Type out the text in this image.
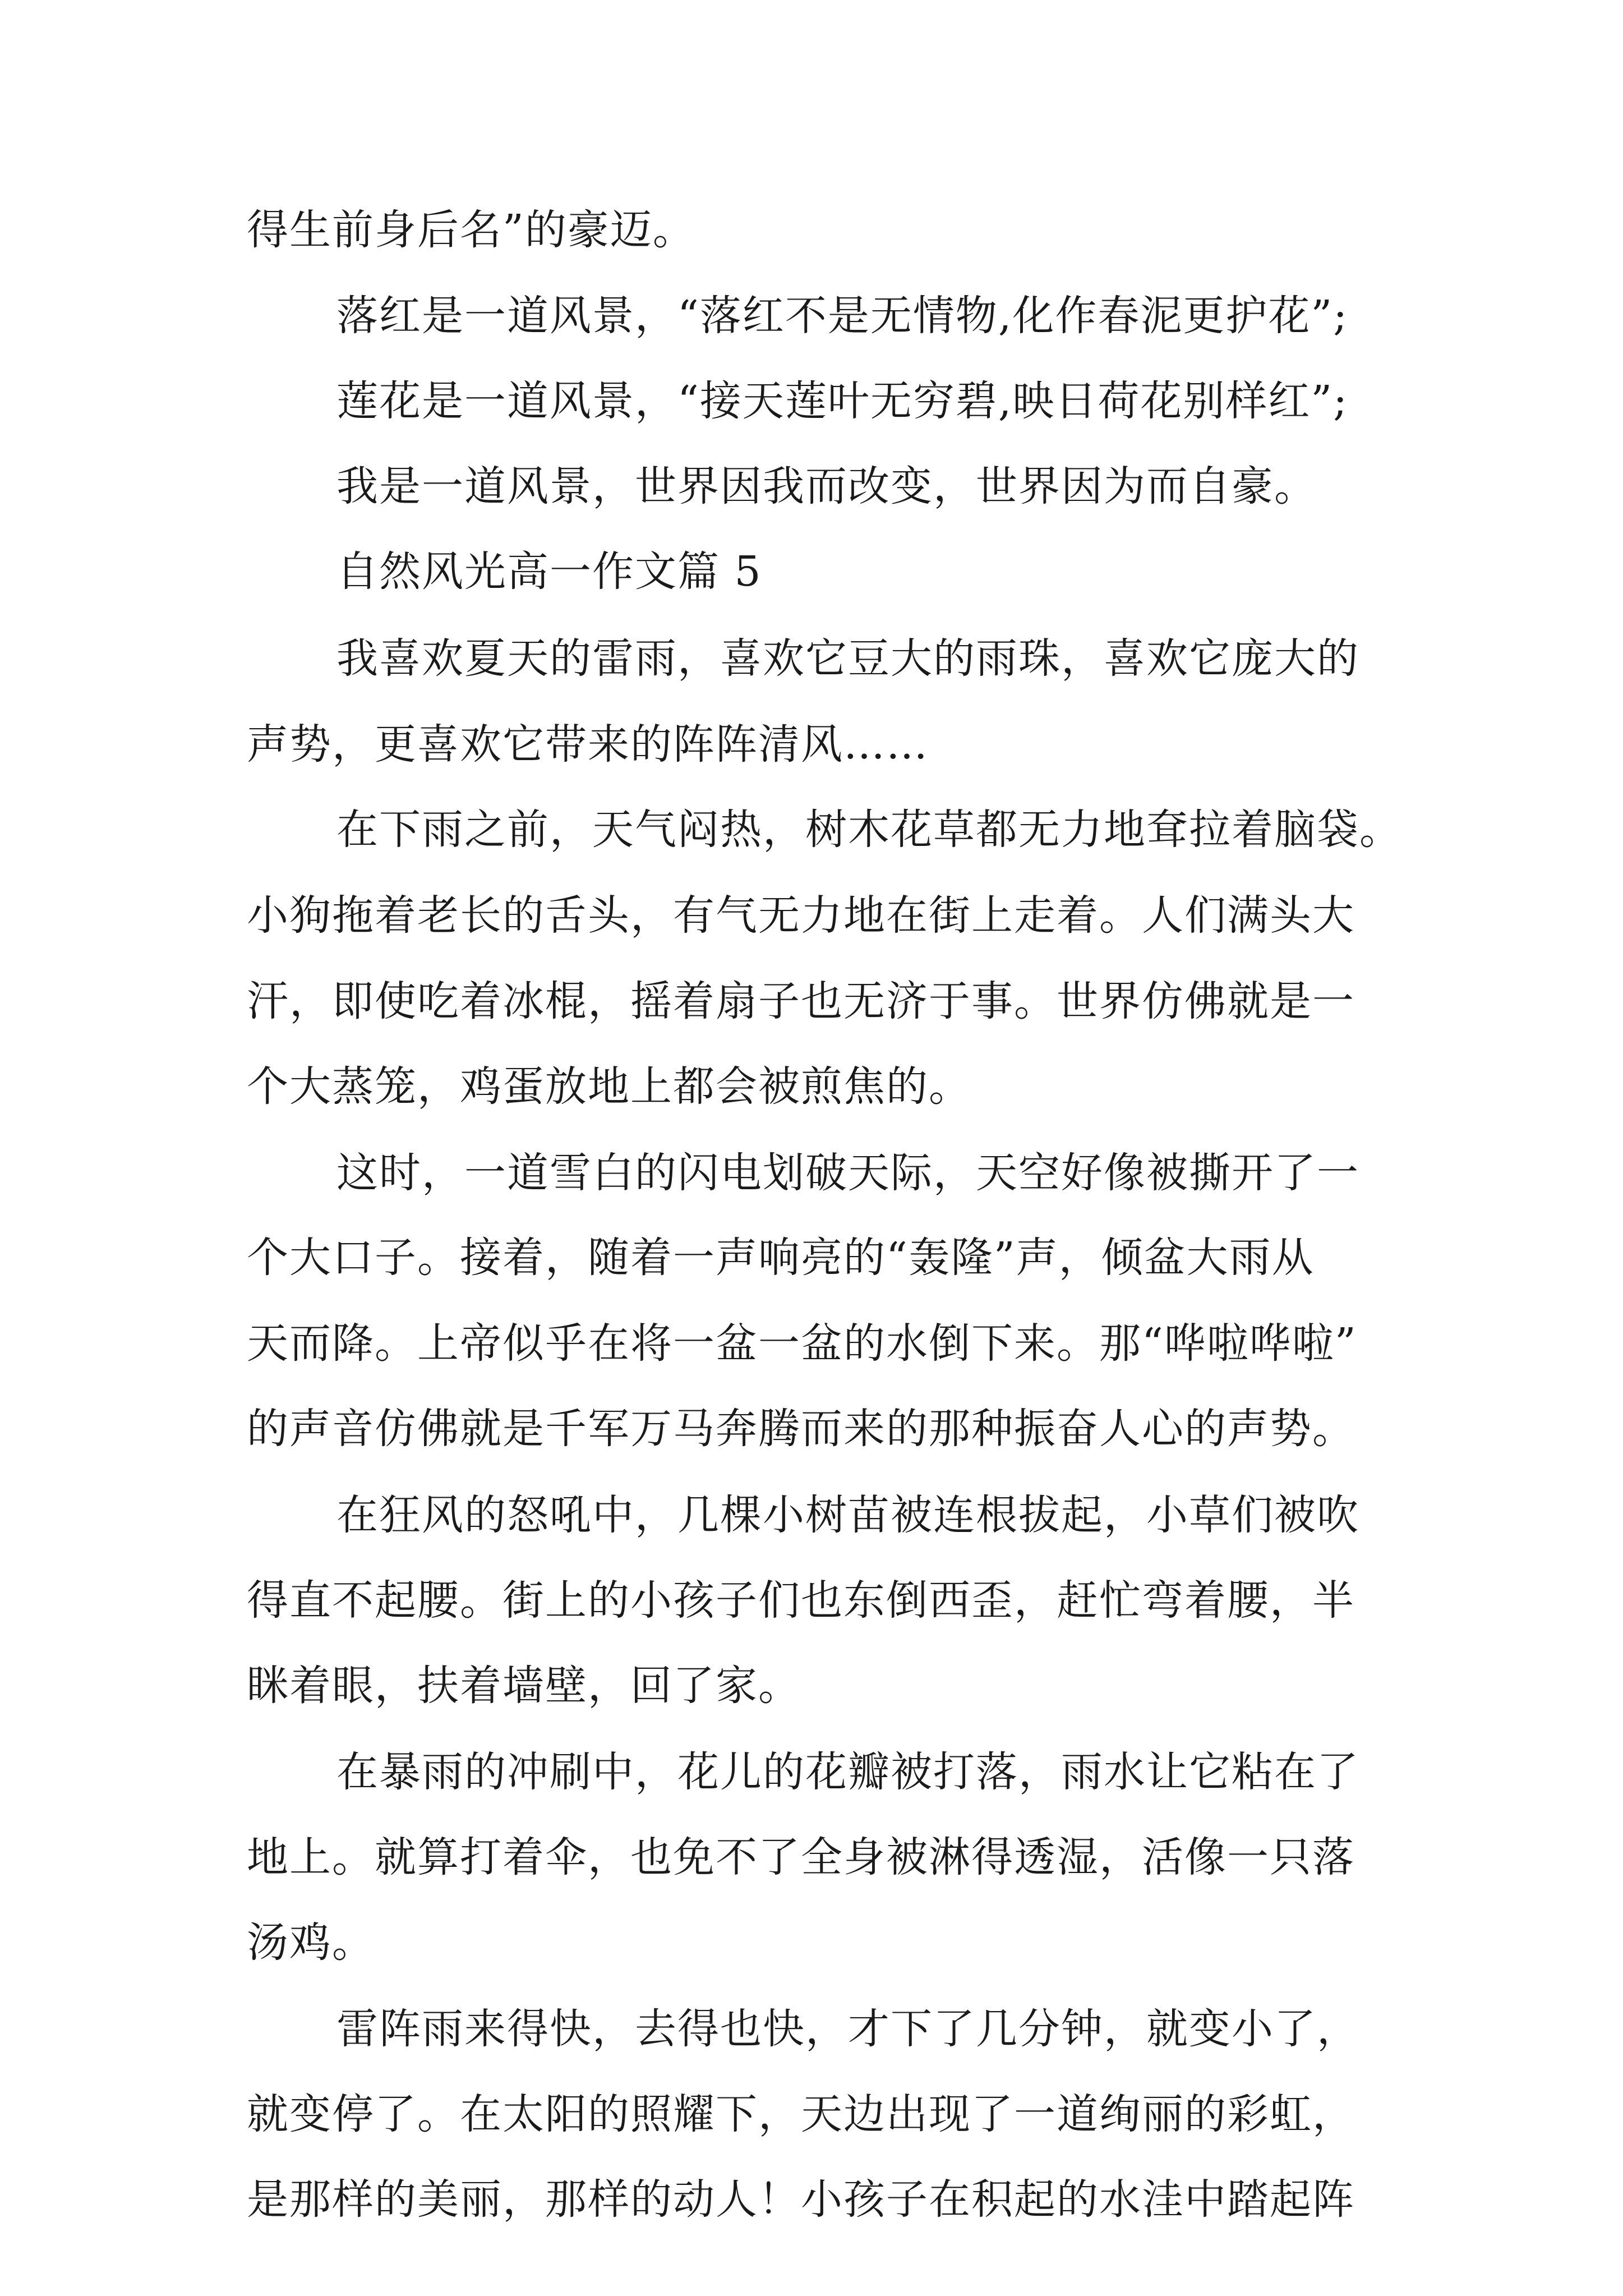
得生前身后名”的豪迈。
落红是一道风景，“落红不是无情物,化作春泥更护花”;
莲花是一道风景，“接天莲叶无穷碧,映日荷花别样红”;
我是一道风景，世界因我而改变，世界因为而自豪。
自然风光高一作文篇 5
我喜欢夏天的雷雨，喜欢它豆大的雨珠，喜欢它庞大的
声势，更喜欢它带来的阵阵清风……
在下雨之前，天气闷热，树木花草都无力地耷拉着脑袋。
小狗拖着老长的舌头，有气无力地在街上走着。人们满头大
汗，即使吃着冰棍，摇着扇子也无济于事。世界仿佛就是一
个大蒸笼，鸡蛋放地上都会被煎焦的。
这时，一道雪白的闪电划破天际，天空好像被撕开了一
个大口子。接着，随着一声响亮的“轰隆”声，倾盆大雨从
天而降。上帝似乎在将一盆一盆的水倒下来。那“哗啦哗啦”
的声音仿佛就是千军万马奔腾而来的那种振奋人心的声势。
在狂风的怒吼中，几棵小树苗被连根拔起，小草们被吹
得直不起腰。街上的小孩子们也东倒西歪，赶忙弯着腰，半
眯着眼，扶着墙壁，回了家。
在暴雨的冲刷中，花儿的花瓣被打落，雨水让它粘在了
地上。就算打着伞，也免不了全身被淋得透湿，活像一只落
汤鸡。
雷阵雨来得快，去得也快，才下了几分钟，就变小了，
就变停了。在太阳的照耀下，天边出现了一道绚丽的彩虹，
是那样的美丽，那样的动人！小孩子在积起的水洼中踏起阵
